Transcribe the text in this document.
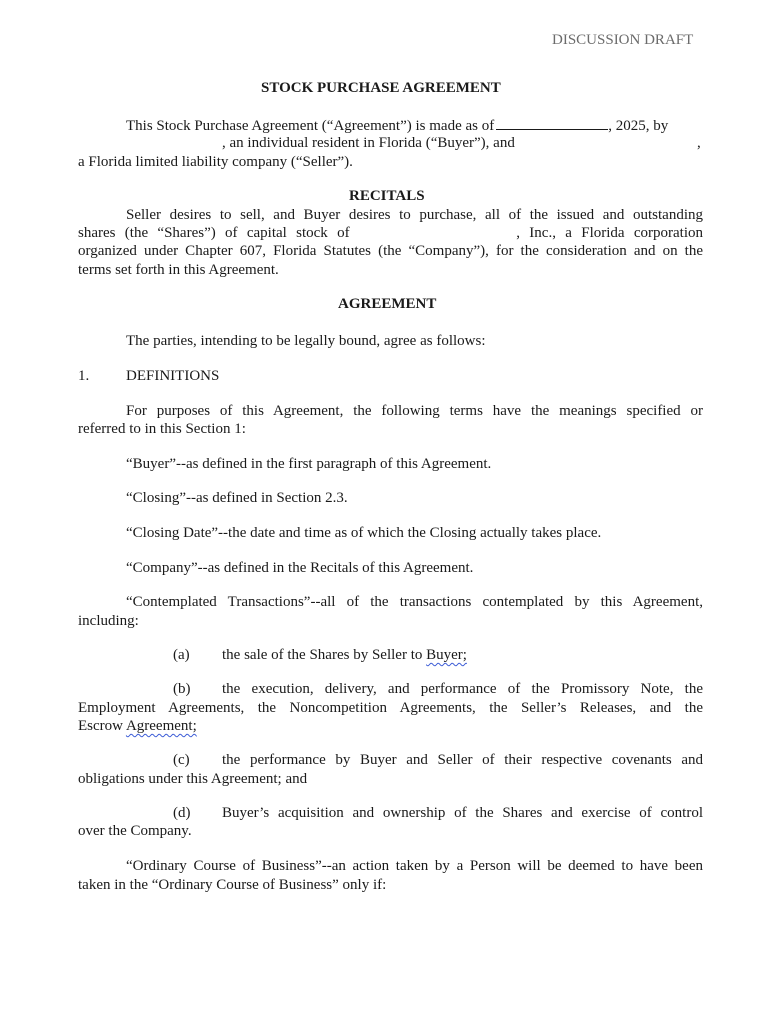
DISCUSSION DRAFT
STOCK PURCHASE AGREEMENT
This Stock Purchase Agreement (“Agreement”) is made as of	, 2025, by
, an individual resident in Florida (“Buyer”), and	,
a Florida limited liability company (“Seller”).
RECITALS
Seller desires to sell, and Buyer desires to purchase, all of the issued and outstanding
shares (the “Shares”) of capital stock of	, Inc., a Florida corporation
organized under Chapter 607, Florida Statutes (the “Company”), for the consideration and on the
terms set forth in this Agreement.
AGREEMENT
The parties, intending to be legally bound, agree as follows:
1. DEFINITIONS
For purposes of this Agreement, the following terms have the meanings specified or
referred to in this Section 1:
“Buyer”--as defined in the first paragraph of this Agreement.
“Closing”--as defined in Section 2.3.
“Closing Date”--the date and time as of which the Closing actually takes place.
“Company”--as defined in the Recitals of this Agreement.
“Contemplated Transactions”--all of the transactions contemplated by this Agreement,
including:
(a) the sale of the Shares by Seller to Buyer;
(b) the execution, delivery, and performance of the Promissory Note, the
Employment Agreements, the Noncompetition Agreements, the Seller’s Releases, and the
Escrow Agreement;
(c) the performance by Buyer and Seller of their respective covenants and
obligations under this Agreement; and
(d) Buyer’s acquisition and ownership of the Shares and exercise of control
over the Company.
“Ordinary Course of Business”--an action taken by a Person will be deemed to have been
taken in the “Ordinary Course of Business” only if:
